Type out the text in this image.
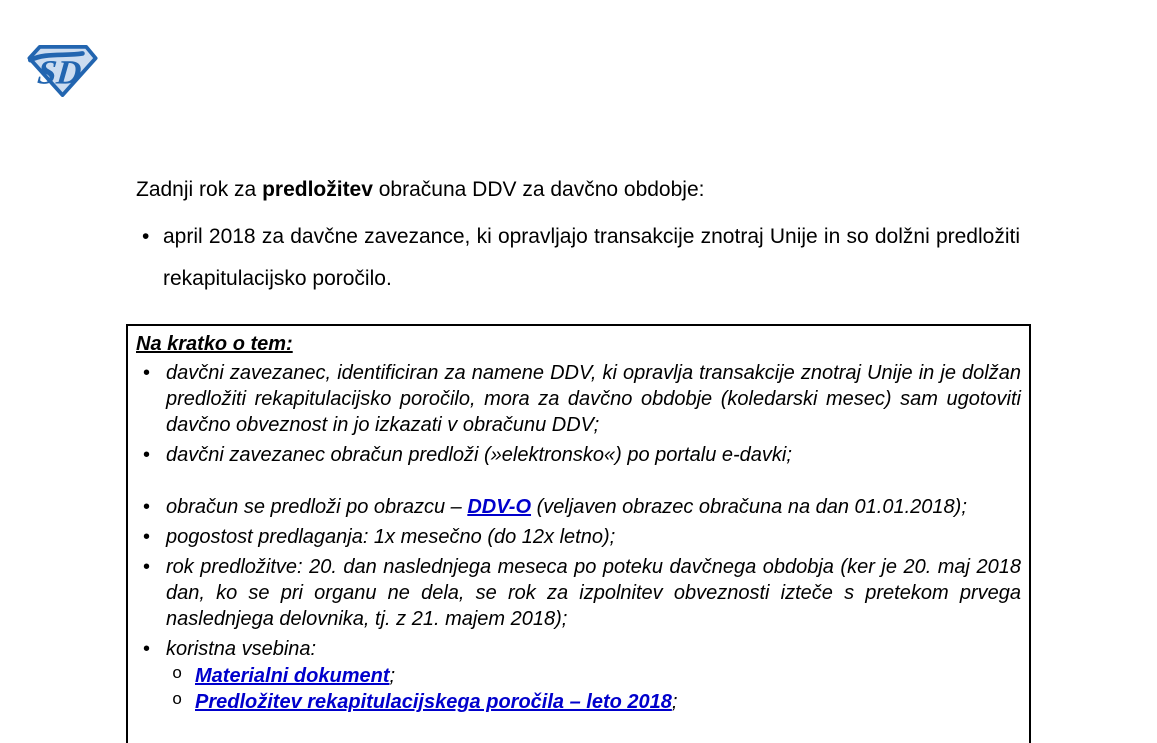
SD

Zadnji rok za predložitev obračuna DDV za davčno obdobje:

• april 2018 za davčne zavezance, ki opravljajo transakcije znotraj Unije in so dolžni predložiti rekapitulacijsko poročilo.
Na kratko o tem:
• davčni zavezanec, identificiran za namene DDV, ki opravlja transakcije znotraj Unije in je dolžan predložiti rekapitulacijsko poročilo, mora za davčno obdobje (koledarski mesec) sam ugotoviti davčno obveznost in jo izkazati v obračunu DDV;
• davčni zavezanec obračun predloži (»elektronsko«) po portalu e-davki;
• obračun se predloži po obrazcu – DDV-O (veljaven obrazec obračuna na dan 01.01.2018);
• pogostost predlaganja: 1x mesečno (do 12x letno);
• rok predložitve: 20. dan naslednjega meseca po poteku davčnega obdobja (ker je 20. maj 2018 dan, ko se pri organu ne dela, se rok za izpolnitev obveznosti izteče s pretekom prvega naslednjega delovnika, tj. z 21. majem 2018);
• koristna vsebina:
o Materialni dokument;
o Predložitev rekapitulacijskega poročila – leto 2018;
